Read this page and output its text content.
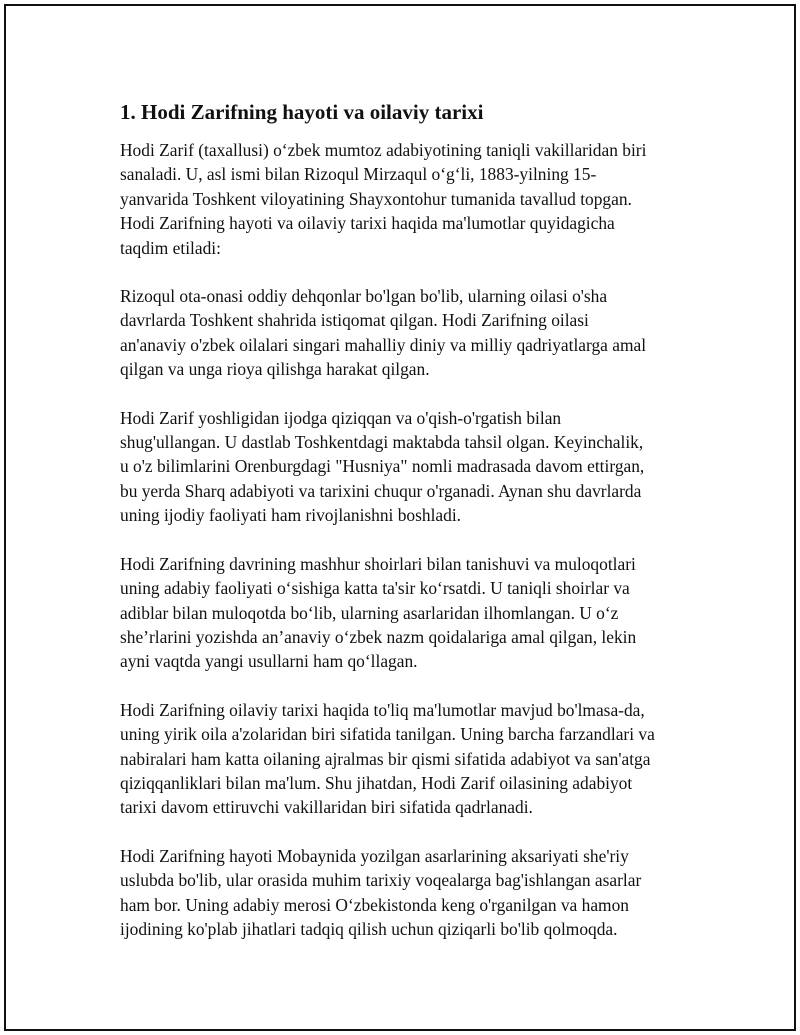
1. Hodi Zarifning hayoti va oilaviy tarixi

Hodi Zarif (taxallusi) oʻzbek mumtoz adabiyotining taniqli vakillaridan biri
sanaladi. U, asl ismi bilan Rizoqul Mirzaqul oʻgʻli, 1883-yilning 15-
yanvarida Toshkent viloyatining Shayxontohur tumanida tavallud topgan.
Hodi Zarifning hayoti va oilaviy tarixi haqida ma'lumotlar quyidagicha
taqdim etiladi:

Rizoqul ota-onasi oddiy dehqonlar bo'lgan bo'lib, ularning oilasi o'sha
davrlarda Toshkent shahrida istiqomat qilgan. Hodi Zarifning oilasi
an'anaviy o'zbek oilalari singari mahalliy diniy va milliy qadriyatlarga amal
qilgan va unga rioya qilishga harakat qilgan.

Hodi Zarif yoshligidan ijodga qiziqqan va o'qish-o'rgatish bilan
shug'ullangan. U dastlab Toshkentdagi maktabda tahsil olgan. Keyinchalik,
u o'z bilimlarini Orenburgdagi "Husniya" nomli madrasada davom ettirgan,
bu yerda Sharq adabiyoti va tarixini chuqur o'rganadi. Aynan shu davrlarda
uning ijodiy faoliyati ham rivojlanishni boshladi.

Hodi Zarifning davrining mashhur shoirlari bilan tanishuvi va muloqotlari
uning adabiy faoliyati oʻsishiga katta ta'sir koʻrsatdi. U taniqli shoirlar va
adiblar bilan muloqotda boʻlib, ularning asarlaridan ilhomlangan. U oʻz
she’rlarini yozishda an’anaviy oʻzbek nazm qoidalariga amal qilgan, lekin
ayni vaqtda yangi usullarni ham qoʻllagan.

Hodi Zarifning oilaviy tarixi haqida to'liq ma'lumotlar mavjud bo'lmasa-da,
uning yirik oila a'zolaridan biri sifatida tanilgan. Uning barcha farzandlari va
nabiralari ham katta oilaning ajralmas bir qismi sifatida adabiyot va san'atga
qiziqqanliklari bilan ma'lum. Shu jihatdan, Hodi Zarif oilasining adabiyot
tarixi davom ettiruvchi vakillaridan biri sifatida qadrlanadi.

Hodi Zarifning hayoti Mobaynida yozilgan asarlarining aksariyati she'riy
uslubda bo'lib, ular orasida muhim tarixiy voqealarga bag'ishlangan asarlar
ham bor. Uning adabiy merosi Oʻzbekistonda keng o'rganilgan va hamon
ijodining ko'plab jihatlari tadqiq qilish uchun qiziqarli bo'lib qolmoqda.
